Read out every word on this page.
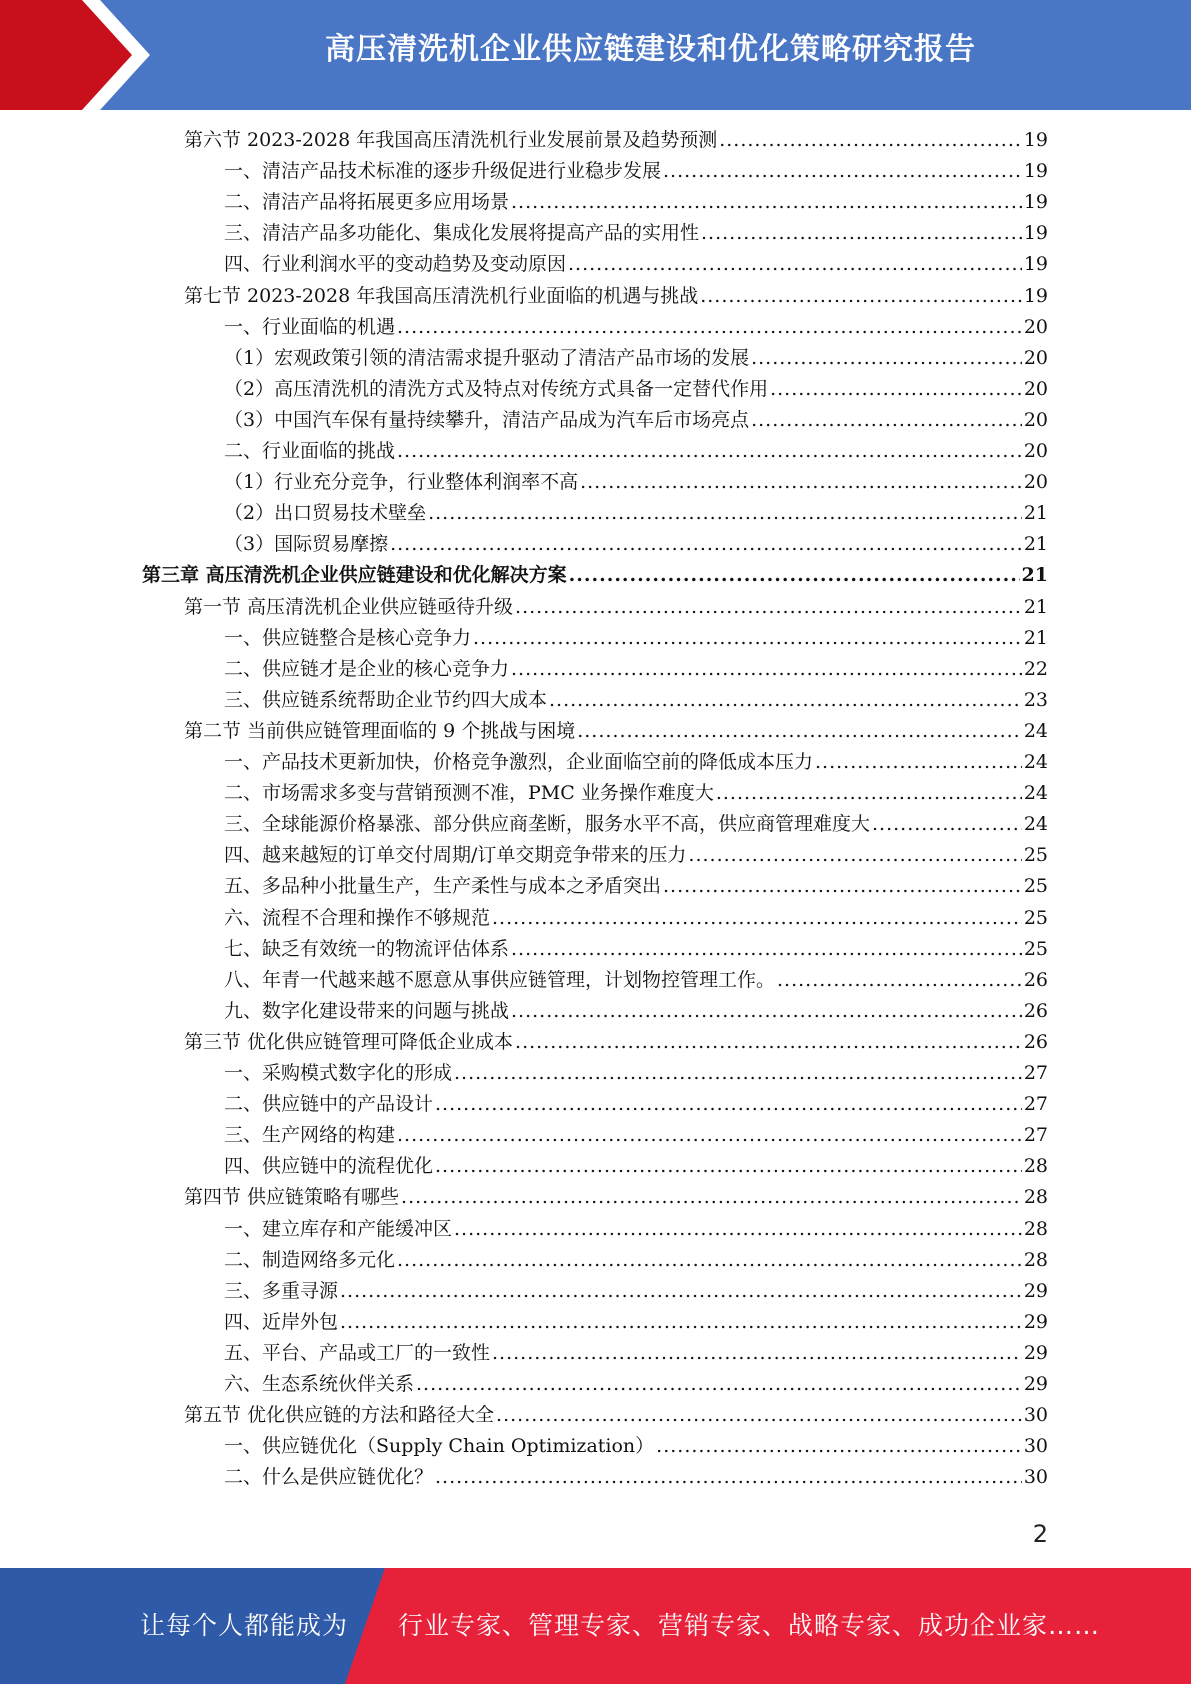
高压清洗机企业供应链建设和优化策略研究报告
第六节 2023-2028 年我国高压清洗机行业发展前景及趋势预测 .....	19
一、清洁产品技术标准的逐步升级促进行业稳步发展 .....	19
二、清洁产品将拓展更多应用场景 .....	19
三、清洁产品多功能化、集成化发展将提高产品的实用性 .....	19
四、行业利润水平的变动趋势及变动原因 .....	19
第七节 2023-2028 年我国高压清洗机行业面临的机遇与挑战 .....	19
一、行业面临的机遇 .....	20
（1）宏观政策引领的清洁需求提升驱动了清洁产品市场的发展 .....	20
（2）高压清洗机的清洗方式及特点对传统方式具备一定替代作用 .....	20
（3）中国汽车保有量持续攀升，清洁产品成为汽车后市场亮点 .....	20
二、行业面临的挑战 .....	20
（1）行业充分竞争，行业整体利润率不高 .....	20
（2）出口贸易技术壁垒 .....	21
（3）国际贸易摩擦 .....	21
第三章 高压清洗机企业供应链建设和优化解决方案 .....	21
第一节 高压清洗机企业供应链亟待升级 .....	21
一、供应链整合是核心竞争力 .....	21
二、供应链才是企业的核心竞争力 .....	22
三、供应链系统帮助企业节约四大成本 .....	23
第二节 当前供应链管理面临的 9 个挑战与困境 .....	24
一、产品技术更新加快，价格竞争激烈，企业面临空前的降低成本压力 .....	24
二、市场需求多变与营销预测不准，PMC 业务操作难度大 .....	24
三、全球能源价格暴涨、部分供应商垄断，服务水平不高，供应商管理难度大 .....	24
四、越来越短的订单交付周期/订单交期竞争带来的压力 .....	25
五、多品种小批量生产，生产柔性与成本之矛盾突出 .....	25
六、流程不合理和操作不够规范 .....	25
七、缺乏有效统一的物流评估体系 .....	25
八、年青一代越来越不愿意从事供应链管理，计划物控管理工作。 .....	26
九、数字化建设带来的问题与挑战 .....	26
第三节 优化供应链管理可降低企业成本 .....	26
一、采购模式数字化的形成 .....	27
二、供应链中的产品设计 .....	27
三、生产网络的构建 .....	27
四、供应链中的流程优化 .....	28
第四节 供应链策略有哪些 .....	28
一、建立库存和产能缓冲区 .....	28
二、制造网络多元化 .....	28
三、多重寻源 .....	29
四、近岸外包 .....	29
五、平台、产品或工厂的一致性 .....	29
六、生态系统伙伴关系 .....	29
第五节 优化供应链的方法和路径大全 .....	30
一、供应链优化（Supply Chain Optimization） .....	30
二、什么是供应链优化？ .....	30
2
让每个人都能成为 行业专家、管理专家、营销专家、战略专家、成功企业家……
